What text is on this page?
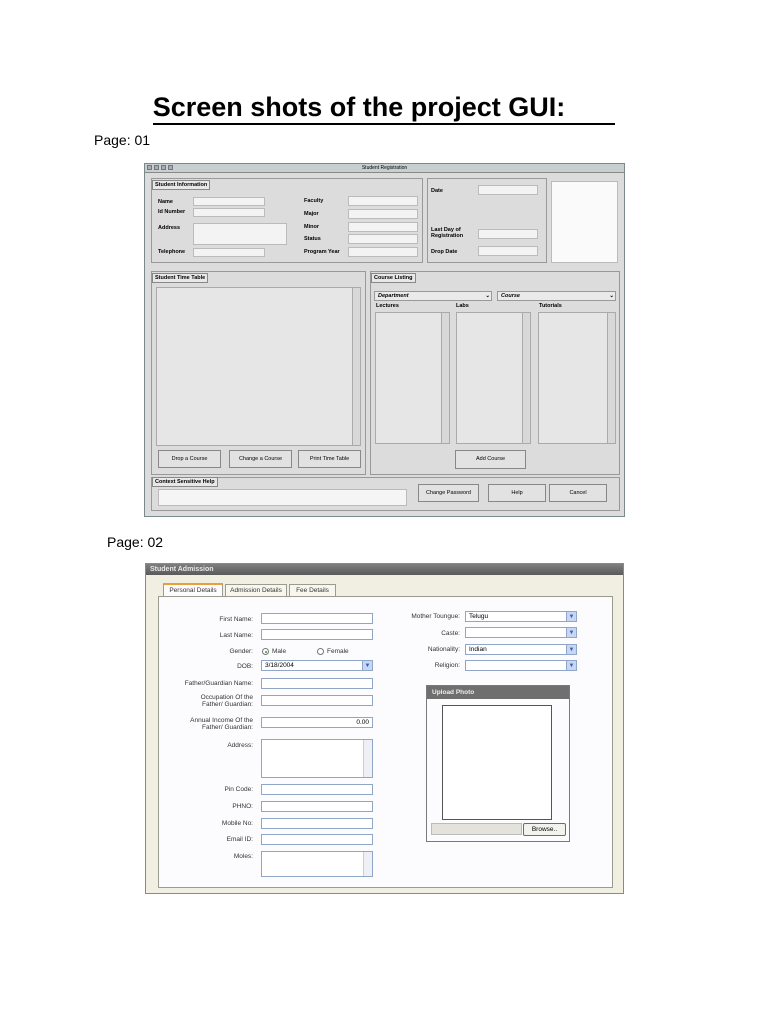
Screen shots of the project GUI:
Page: 01
Student Registration
Student Information
Name
Id Number
Address
Telephone
Faculty
Major
Minor
Status
Program Year
Date
Last Day of Registration
Drop Date
Student Time Table
Drop a Course	Change a Course	Print Time Table
Course Listing
Department	⌄	Course	⌄
Lectures	Labs	Tutorials
Add Course
Context Sensitive Help
Change Password	Help	Cancel
Page: 02
Student Admission
Personal Details	Admission Details	Fee Details
First Name:
Last Name:
Gender:	Male	Female
DOB:	3/18/2004	▼
Father/Guardian Name:
Occupation Of the
Father/ Guardian:
Annual Income Of the
Father/ Guardian:
0.00
Address:
Pin Code:
PHNO:
Mobile No:
Email ID:
Moles:
Mother Toungue:	Telugu	▼
Caste:	▼
Nationality:	Indian	▼
Religion:	▼
Upload Photo
Browse..
